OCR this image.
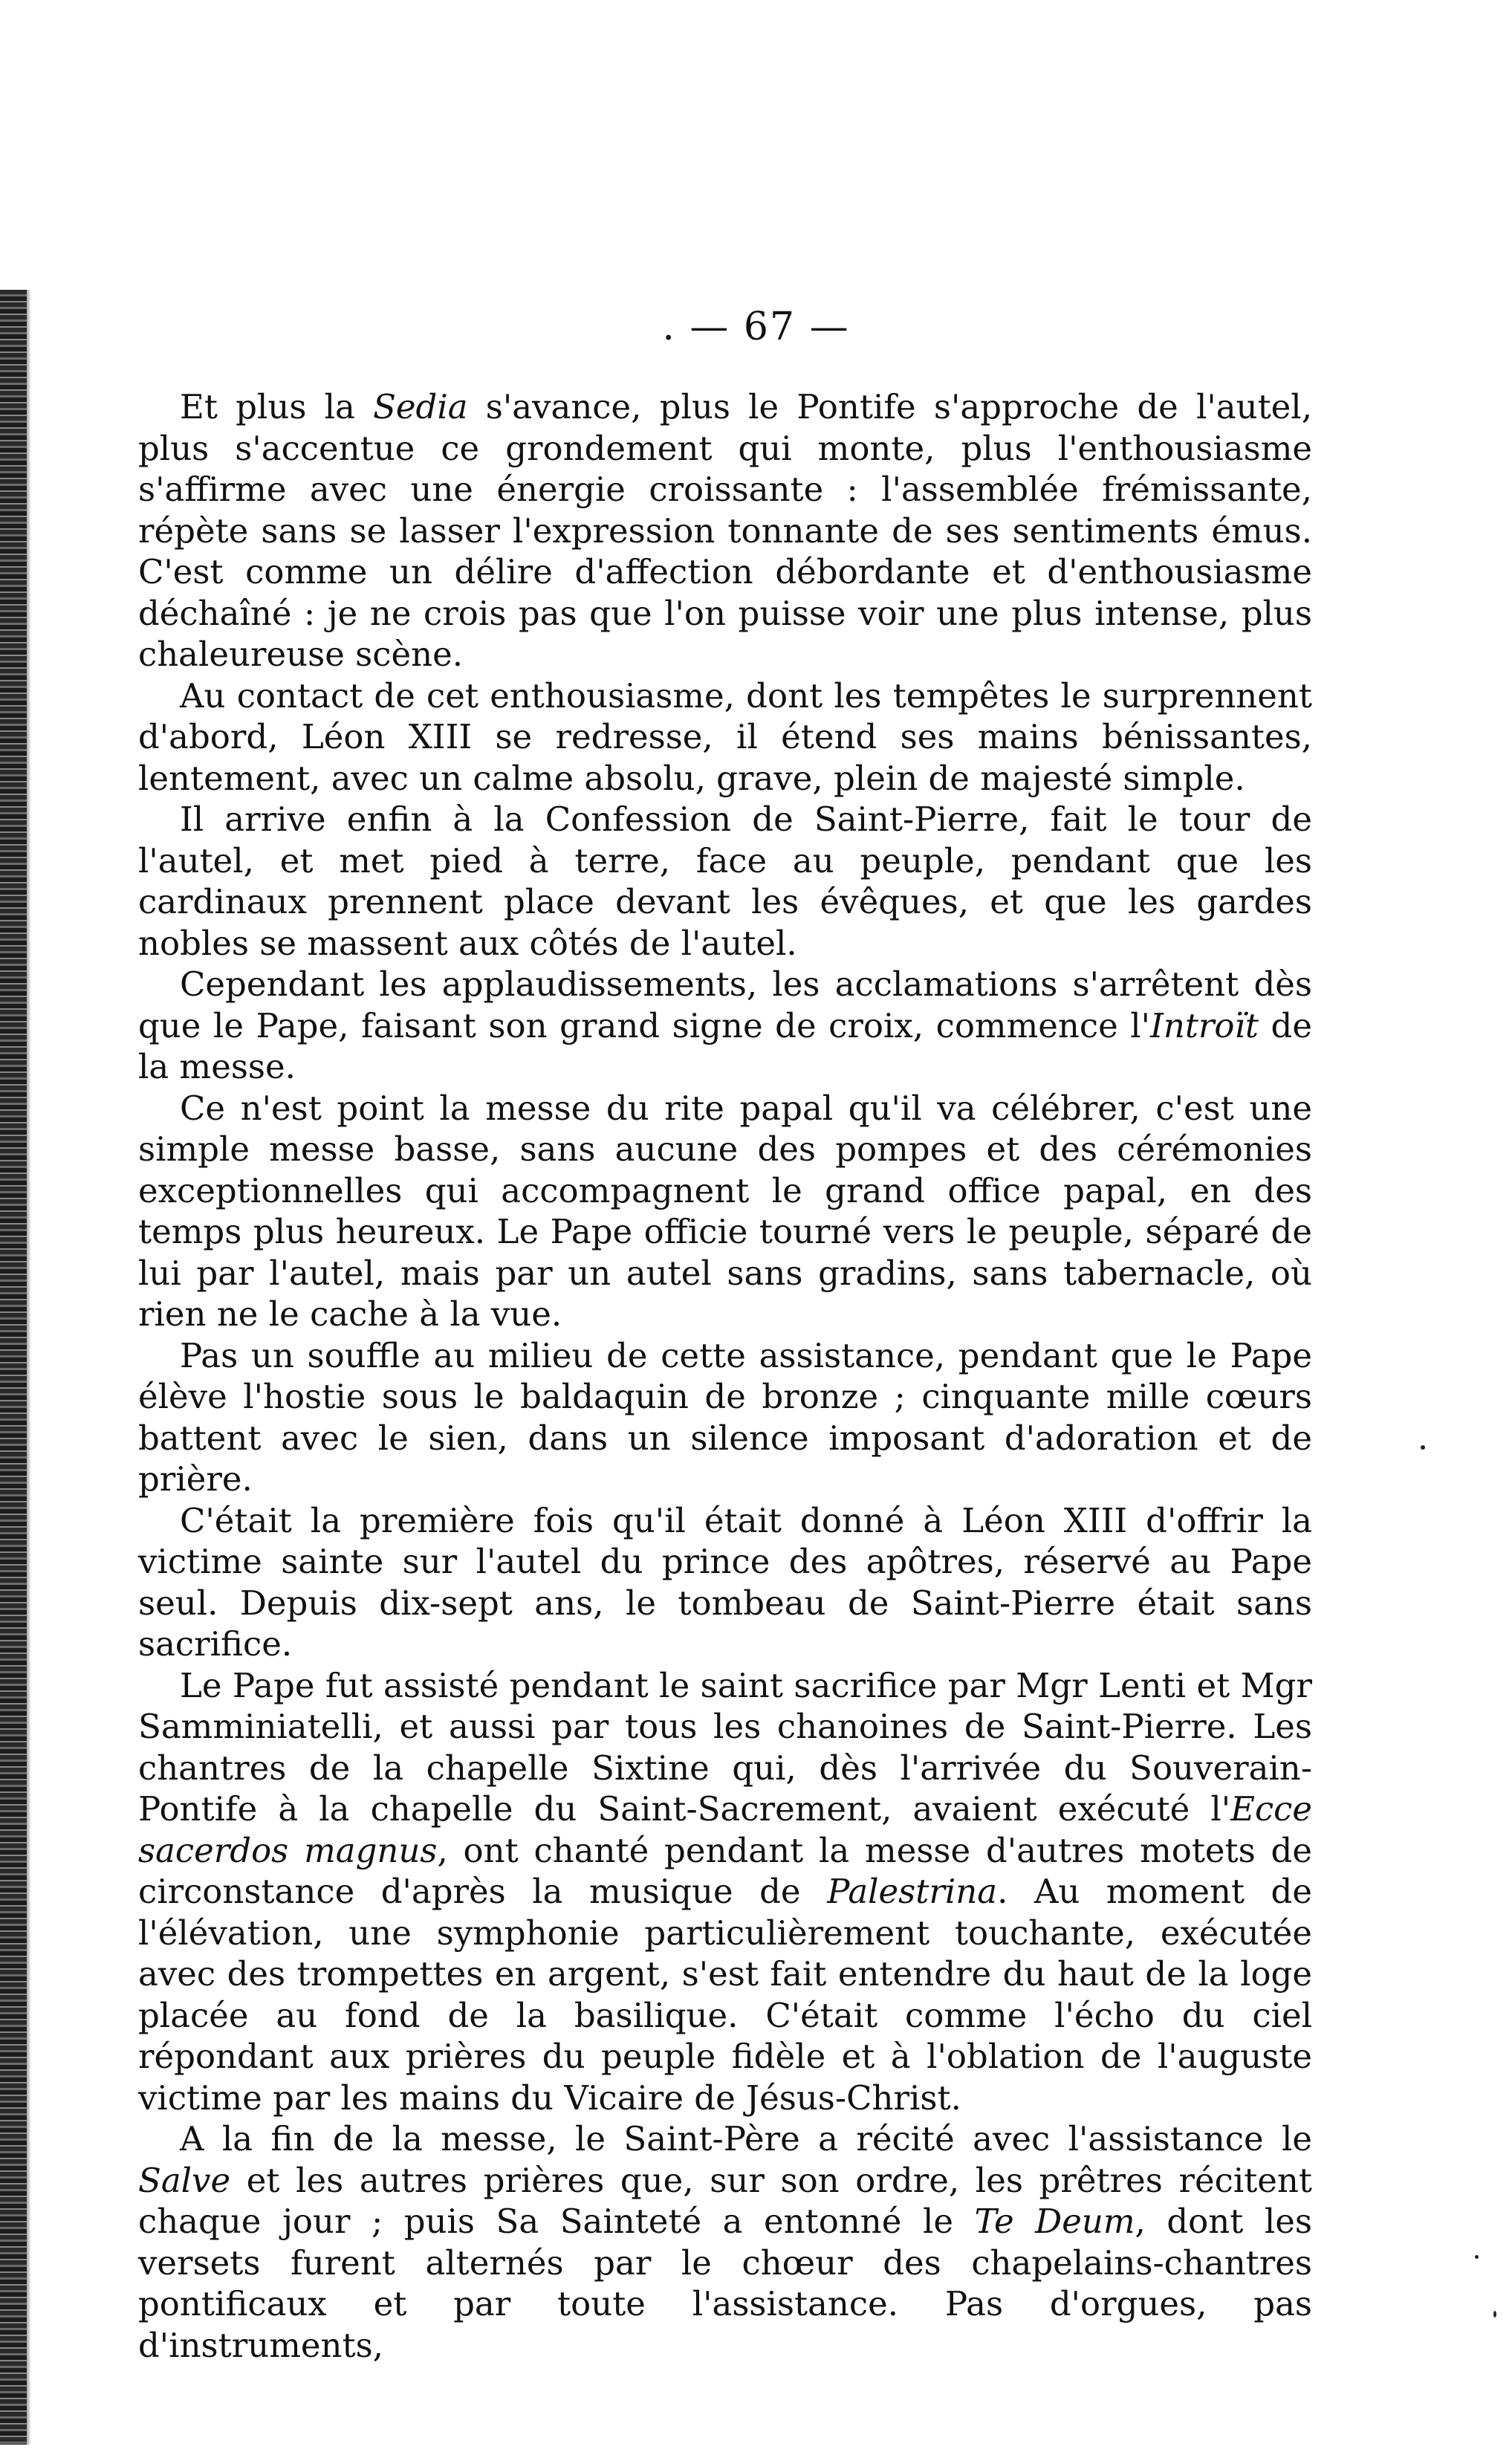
. — 67 —

Et plus la Sedia s'avance, plus le Pontife s'approche de l'autel, plus s'accentue ce grondement qui monte, plus l'enthousiasme s'affirme avec une énergie croissante : l'assemblée frémissante, répète sans se lasser l'expression tonnante de ses sentiments émus. C'est comme un délire d'affection débordante et d'enthousiasme déchaîné : je ne crois pas que l'on puisse voir une plus intense, plus chaleureuse scène.

Au contact de cet enthousiasme, dont les tempêtes le surprennent d'abord, Léon XIII se redresse, il étend ses mains bénissantes, lentement, avec un calme absolu, grave, plein de majesté simple.

Il arrive enfin à la Confession de Saint-Pierre, fait le tour de l'autel, et met pied à terre, face au peuple, pendant que les cardinaux prennent place devant les évêques, et que les gardes nobles se massent aux côtés de l'autel.

Cependant les applaudissements, les acclamations s'arrêtent dès que le Pape, faisant son grand signe de croix, commence l'Introït de la messe.

Ce n'est point la messe du rite papal qu'il va célébrer, c'est une simple messe basse, sans aucune des pompes et des cérémonies exceptionnelles qui accompagnent le grand office papal, en des temps plus heureux. Le Pape officie tourné vers le peuple, séparé de lui par l'autel, mais par un autel sans gradins, sans tabernacle, où rien ne le cache à la vue.

Pas un souffle au milieu de cette assistance, pendant que le Pape élève l'hostie sous le baldaquin de bronze ; cinquante mille cœurs battent avec le sien, dans un silence imposant d'adoration et de prière.

C'était la première fois qu'il était donné à Léon XIII d'offrir la victime sainte sur l'autel du prince des apôtres, réservé au Pape seul. Depuis dix-sept ans, le tombeau de Saint-Pierre était sans sacrifice.

Le Pape fut assisté pendant le saint sacrifice par Mgr Lenti et Mgr Samminiatelli, et aussi par tous les chanoines de Saint-Pierre. Les chantres de la chapelle Sixtine qui, dès l'arrivée du Souverain-Pontife à la chapelle du Saint-Sacrement, avaient exécuté l'Ecce sacerdos magnus, ont chanté pendant la messe d'autres motets de circonstance d'après la musique de Palestrina. Au moment de l'élévation, une symphonie particulièrement touchante, exécutée avec des trompettes en argent, s'est fait entendre du haut de la loge placée au fond de la basilique. C'était comme l'écho du ciel répondant aux prières du peuple fidèle et à l'oblation de l'auguste victime par les mains du Vicaire de Jésus-Christ.

A la fin de la messe, le Saint-Père a récité avec l'assistance le Salve et les autres prières que, sur son ordre, les prêtres récitent chaque jour ; puis Sa Sainteté a entonné le Te Deum, dont les versets furent alternés par le chœur des chapelains-chantres pontificaux et par toute l'assistance. Pas d'orgues, pas d'instruments,
